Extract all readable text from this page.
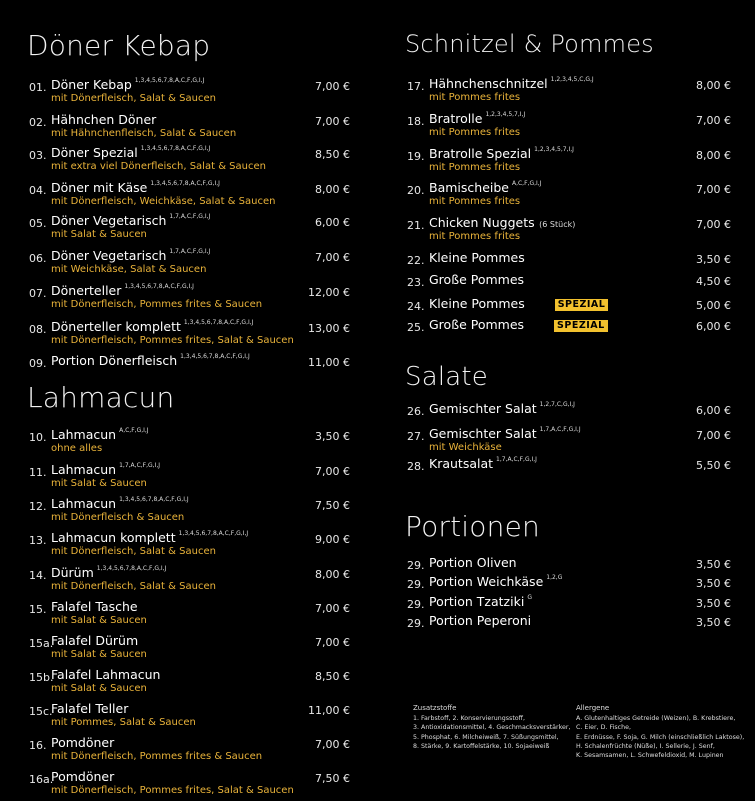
Döner Kebap
01. Döner Kebap $^{1,3,4,5,6,7,8,A,C,F,G,I,J}$
mit Dönerfleisch, Salat & Saucen
7,00 €
02. Hähnchen Döner
mit Hähnchenfleisch, Salat & Saucen
7,00 €
03. Döner Spezial $^{1,3,4,5,6,7,8,A,C,F,G,I,J}$
mit extra viel Dönerfleisch, Salat & Saucen
8,50 €
04. Döner mit Käse $^{1,3,4,5,6,7,8,A,C,F,G,I,J}$
mit Dönerfleisch, Weichkäse, Salat & Saucen
8,00 €
05. Döner Vegetarisch $^{1,7,A,C,F,G,I,J}$
mit Salat & Saucen
6,00 €
06. Döner Vegetarisch $^{1,7,A,C,F,G,I,J}$
mit Weichkäse, Salat & Saucen
7,00 €
07. Dönerteller $^{1,3,4,5,6,7,8,A,C,F,G,I,J}$
mit Dönerfleisch, Pommes frites & Saucen
12,00 €
08. Dönerteller komplett $^{1,3,4,5,6,7,8,A,C,F,G,I,J}$
mit Dönerfleisch, Pommes frites, Salat & Saucen
13,00 €
09. Portion Dönerfleisch $^{1,3,4,5,6,7,8,A,C,F,G,I,J}$	11,00 €
Lahmacun
10. Lahmacun $^{A,C,F,G,I,J}$
ohne alles
3,50 €
11. Lahmacun $^{1,7,A,C,F,G,I,J}$
mit Salat & Saucen
7,00 €
12. Lahmacun $^{1,3,4,5,6,7,8,A,C,F,G,I,J}$
mit Dönerfleisch & Saucen
7,50 €
13. Lahmacun komplett $^{1,3,4,5,6,7,8,A,C,F,G,I,J}$
mit Dönerfleisch, Salat & Saucen
9,00 €
14. Dürüm $^{1,3,4,5,6,7,8,A,C,F,G,I,J}$
mit Dönerfleisch, Salat & Saucen
8,00 €
15. Falafel Tasche
mit Salat & Saucen
7,00 €
15a.
Falafel Dürüm
mit Salat & Saucen
7,00 €
15b.
Falafel Lahmacun
mit Salat & Saucen
8,50 €
15c.
Falafel Teller
mit Pommes, Salat & Saucen
11,00 €
16. Pomdöner
mit Dönerfleisch, Pommes frites & Saucen
7,00 €
16a.
Pomdöner
mit Dönerfleisch, Pommes frites, Salat & Saucen
7,50 €
Schnitzel & Pommes
17. Hähnchenschnitzel $^{1,2,3,4,5,C,G,J}$
mit Pommes frites
8,00 €
18. Bratrolle $^{1,2,3,4,5,7,I,J}$
mit Pommes frites
7,00 €
19. Bratrolle Spezial $^{1,2,3,4,5,7,I,J}$
mit Pommes frites
8,00 €
20. Bamischeibe $^{A,C,F,G,I,J}$
mit Pommes frites
7,00 €
21. Chicken Nuggets (6 Stück)
mit Pommes frites
7,00 €
22. Kleine Pommes	3,50 €
23. Große Pommes	4,50 €
24. Kleine Pommes	SPEZIAL	5,00 €
25. Große Pommes	SPEZIAL	6,00 €
Salate
26. Gemischter Salat $^{1,2,7,C,G,I,J}$	6,00 €
27. Gemischter Salat $^{1,7,A,C,F,G,I,J}$
mit Weichkäse
7,00 €
28. Krautsalat $^{1,7,A,C,F,G,I,J}$	5,50 €
Portionen
29. Portion Oliven	3,50 €
29. Portion Weichkäse $^{1,2,G}$	3,50 €
29. Portion Tzatziki $^G$	3,50 €
29. Portion Peperoni	3,50 €
Zusatzstoffe
1. Farbstoff, 2. Konservierungsstoff,
3. Antioxidationsmittel, 4. Geschmacksverstärker,
5. Phosphat, 6. Milcheiweiß, 7. Süßungsmittel,
8. Stärke, 9. Kartoffelstärke, 10. Sojaeiweiß
Allergene
A. Glutenhaltiges Getreide (Weizen), B. Krebstiere,
C. Eier, D. Fische,
E. Erdnüsse, F. Soja, G. Milch (einschließlich Laktose),
H. Schalenfrüchte (Nüße), I. Sellerie, J. Senf,
K. Sesamsamen, L. Schwefeldioxid, M. Lupinen
